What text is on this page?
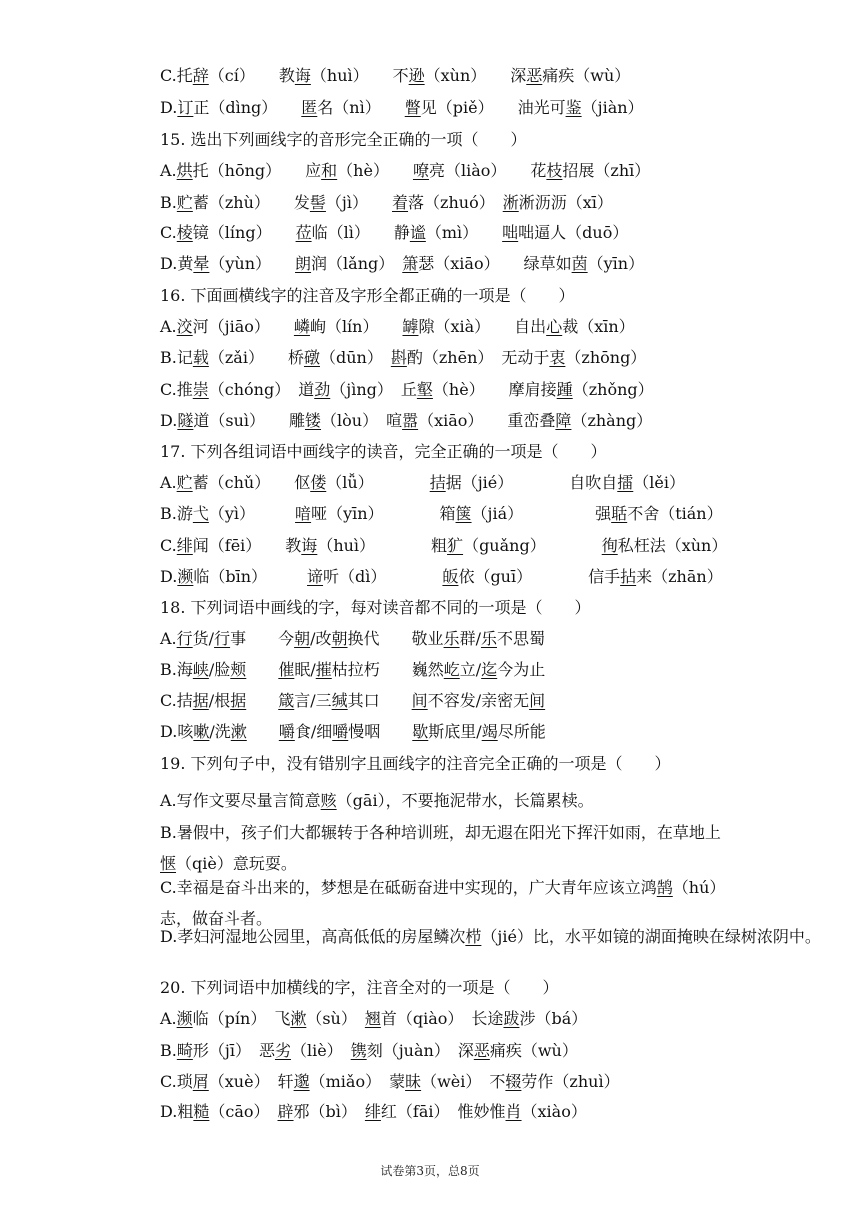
C.托辞（cí）　　教诲（huì）　　不逊（xùn）　　深恶痛疾（wù）
D.订正（dìng）　　匿名（nì）　　瞥见（piě）　　油光可鉴（jiàn）
15. 选出下列画线字的音形完全正确的一项（　　）
A.烘托（hōng）　　应和（hè）　　嘹亮（liào）　　花枝招展（zhī）
B.贮蓄（zhù）　　发髻（jì）　　着落（zhuó）　淅淅沥沥（xī）
C.棱镜（líng）　　莅临（lì）　　静谧（mì）　　咄咄逼人（duō）
D.黄晕（yùn）　　朗润（lǎng）　箫瑟（xiāo）　　绿草如茵（yīn）
16. 下面画横线字的注音及字形全都正确的一项是（　　）
A.洨河（jiāo）　　嶙峋（lín）　　罅隙（xià）　　自出心裁（xīn）
B.记载（zǎi）　　桥礅（dūn）　斟酌（zhēn）　无动于衷（zhōng）
C.推崇（chóng）　道劲（jìng）　丘壑（hè）　　摩肩接踵（zhǒng）
D.隧道（suì）　　雕镂（lòu）　喧嚣（xiāo）　　重峦叠障（zhàng）
17. 下列各组词语中画线字的读音，完全正确的一项是（　　）
A.贮蓄（chǔ）　　伛偻（lǚ）　　　　拮据（jié）　　　　自吹自擂（lěi）
B.游弋（yì）　　　喑哑（yīn）　　　　箱箧（jiá）　　　　　强聒不舍（tián）
C.绯闻（fēi）　　教诲（huì）　　　　粗犷（guǎng）　　　　徇私枉法（xùn）
D.濒临（bīn）　　　谛听（dì）　　　　皈依（guī）　　　　信手拈来（zhān）
18. 下列词语中画线的字，每对读音都不同的一项是（　　）
A.行货/行事　　今朝/改朝换代　　敬业乐群/乐不思蜀
B.海峡/脸颊　　 催眠/摧枯拉朽　　巍然屹立/迄今为止
C.拮据/根据　　 箴言/三缄其口　　间不容发/亲密无间
D.咳嗽/洗漱　　 嚼食/细嚼慢咽　　歇斯底里/竭尽所能
19. 下列句子中，没有错别字且画线字的注音完全正确的一项是（　　）
A.写作文要尽量言简意赅（gāi），不要拖泥带水，长篇累椟。
B.暑假中，孩子们大都辗转于各种培训班，却无遐在阳光下挥汗如雨，在草地上惬（qiè）意玩耍。
C.幸福是奋斗出来的，梦想是在砥砺奋进中实现的，广大青年应该立鸿鹄（hú）志，做奋斗者。
D.孝妇河湿地公园里，高高低低的房屋鳞次栉（jié）比，水平如镜的湖面掩映在绿树浓阴中。
20. 下列词语中加横线的字，注音全对的一项是（　　）
A.濒临（pín）　飞漱（sù）　翘首（qiào）　长途跋涉（bá）
B.畸形（jī）　恶劣（liè）　镌刻（juàn）　深恶痛疾（wù）
C.琐屑（xuè）　轩邈（miǎo）　蒙昧（wèi）　不辍劳作（zhuì）
D.粗糙（cāo）　辟邪（bì）　绯红（fāi）　惟妙惟肖（xiào）
试卷第3页，总8页
